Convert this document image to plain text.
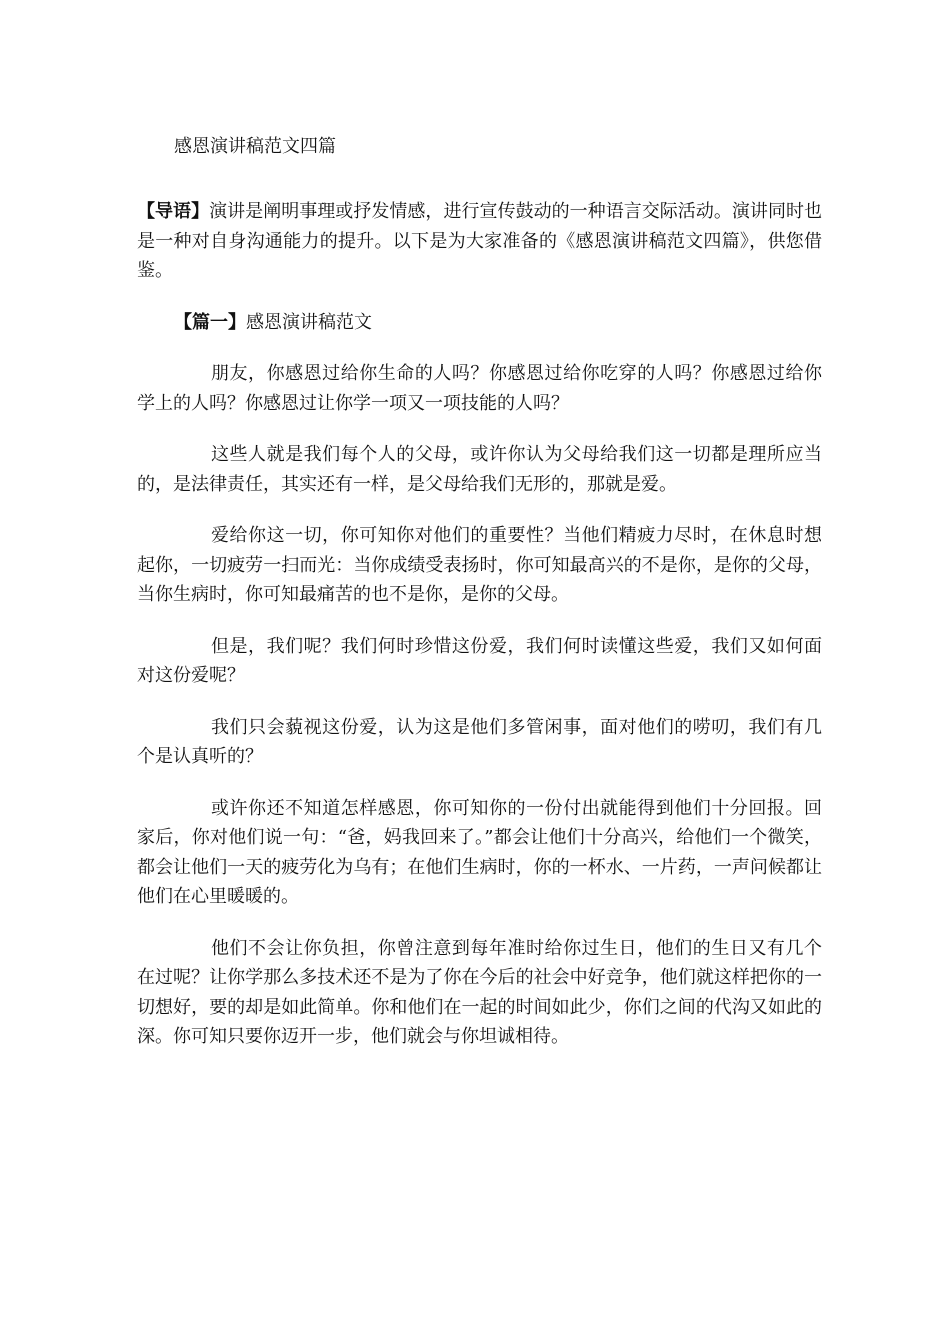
感恩演讲稿范文四篇

【导语】演讲是阐明事理或抒发情感，进行宣传鼓动的一种语言交际活动。演讲同时也是一种对自身沟通能力的提升。以下是为大家准备的《感恩演讲稿范文四篇》，供您借鉴。

【篇一】感恩演讲稿范文

朋友，你感恩过给你生命的人吗？你感恩过给你吃穿的人吗？你感恩过给你学上的人吗？你感恩过让你学一项又一项技能的人吗？

这些人就是我们每个人的父母，或许你认为父母给我们这一切都是理所应当的，是法律责任，其实还有一样，是父母给我们无形的，那就是爱。

爱给你这一切，你可知你对他们的重要性？当他们精疲力尽时，在休息时想起你，一切疲劳一扫而光：当你成绩受表扬时，你可知最高兴的不是你，是你的父母，当你生病时，你可知最痛苦的也不是你，是你的父母。

但是，我们呢？我们何时珍惜这份爱，我们何时读懂这些爱，我们又如何面对这份爱呢？

我们只会藐视这份爱，认为这是他们多管闲事，面对他们的唠叨，我们有几个是认真听的？

或许你还不知道怎样感恩，你可知你的一份付出就能得到他们十分回报。回家后，你对他们说一句：“爸，妈我回来了。”都会让他们十分高兴，给他们一个微笑，都会让他们一天的疲劳化为乌有；在他们生病时，你的一杯水、一片药，一声问候都让他们在心里暖暖的。

他们不会让你负担，你曾注意到每年准时给你过生日，他们的生日又有几个在过呢？让你学那么多技术还不是为了你在今后的社会中好竞争，他们就这样把你的一切想好，要的却是如此简单。你和他们在一起的时间如此少，你们之间的代沟又如此的深。你可知只要你迈开一步，他们就会与你坦诚相待。
